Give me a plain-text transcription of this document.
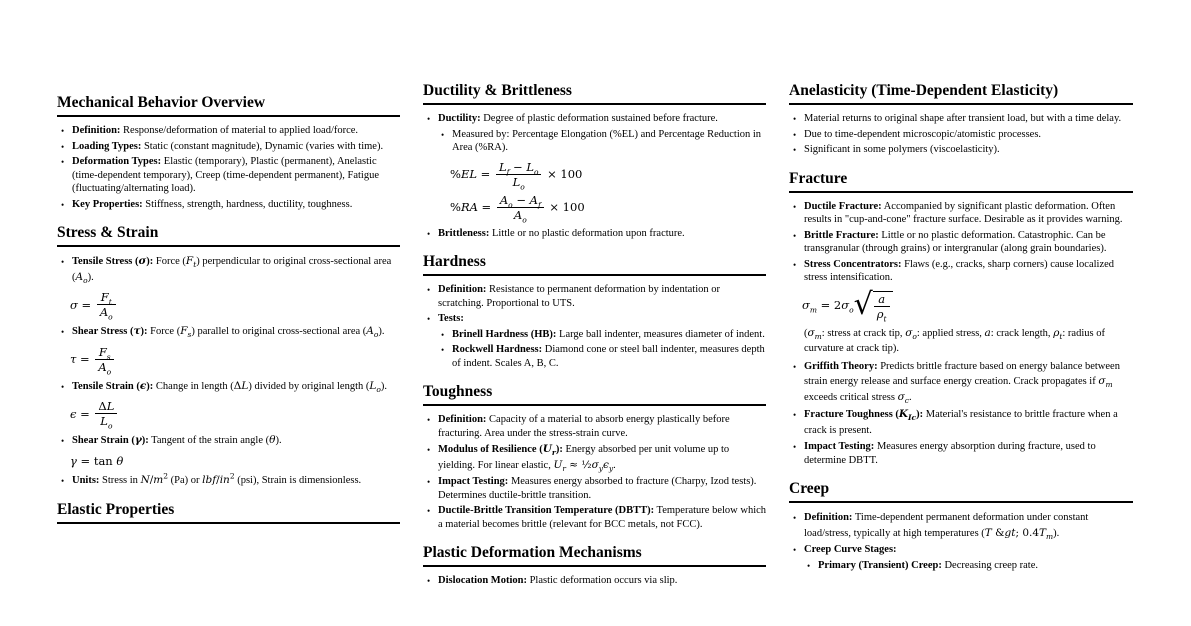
Mechanical Behavior Overview
• Definition: Response/deformation of material to applied load/force.
• Loading Types: Static (constant magnitude), Dynamic (varies with time).
• Deformation Types: Elastic (temporary), Plastic (permanent), Anelastic (time-dependent temporary), Creep (time-dependent permanent), Fatigue (fluctuating/alternating load).
• Key Properties: Stiffness, strength, hardness, ductility, toughness.
Stress & Strain
• Tensile Stress (σ): Force $(F_t)$ perpendicular to original cross-sectional area $(A_o)$.
$\sigma = \frac{F_t}{A_o}$
• Shear Stress (τ): Force $(F_s)$ parallel to original cross-sectional area $(A_o)$.
$\tau = \frac{F_s}{A_o}$
• Tensile Strain (ϵ): Change in length (ΔL) divided by original length $(L_o)$.
$\epsilon = \frac{\Delta L}{L_o}$
• Shear Strain (γ): Tangent of the strain angle (θ).
γ = tan θ
• Units: Stress in $N/m^2$ (Pa) or lbf/$in^2$ (psi), Strain is dimensionless.
Elastic Properties
Ductility & Brittleness
• Ductility: Degree of plastic deformation sustained before fracture.
• Measured by: Percentage Elongation (%EL) and Percentage Reduction in Area (%RA).
$\%EL = \frac{L_f - L_o}{L_o} \times 100$
$\%RA = \frac{A_o - A_f}{A_o} \times 100$
• Brittleness: Little or no plastic deformation upon fracture.
Hardness
• Definition: Resistance to permanent deformation by indentation or scratching. Proportional to UTS.
• Tests:
• Brinell Hardness (HB): Large ball indenter, measures diameter of indent.
• Rockwell Hardness: Diamond cone or steel ball indenter, measures depth of indent. Scales A, B, C.
Toughness
• Definition: Capacity of a material to absorb energy plastically before fracturing. Area under the stress-strain curve.
• Modulus of Resilience $(U_r)$: Energy absorbed per unit volume up to yielding. For linear elastic, $U_r$ ≈ $\frac{1}{2}\sigma_y\epsilon_y$.
• Impact Testing: Measures energy absorbed to fracture (Charpy, Izod tests). Determines ductile-brittle transition.
• Ductile-Brittle Transition Temperature (DBTT): Temperature below which a material becomes brittle (relevant for BCC metals, not FCC).
Plastic Deformation Mechanisms
• Dislocation Motion: Plastic deformation occurs via slip.
Anelasticity (Time-Dependent Elasticity)
• Material returns to original shape after transient load, but with a time delay.
• Due to time-dependent microscopic/atomistic processes.
• Significant in some polymers (viscoelasticity).
Fracture
• Ductile Fracture: Accompanied by significant plastic deformation. Often results in "cup-and-cone" fracture surface. Desirable as it provides warning.
• Brittle Fracture: Little or no plastic deformation. Catastrophic. Can be transgranular (through grains) or intergranular (along grain boundaries).
• Stress Concentrators: Flaws (e.g., cracks, sharp corners) cause localized stress intensification.
$\sigma_m = 2\sigma_o$ √ $\frac{a}{\rho_t}$
($\sigma_m$: stress at crack tip, $\sigma_o$: applied stress, a: crack length, $\rho_t$: radius of curvature at crack tip).
• Griffith Theory: Predicts brittle fracture based on energy balance between strain energy release and surface energy creation. Crack propagates if $\sigma_m$ exceeds critical stress $\sigma_c$.
• Fracture Toughness $(K_{Ic})$: Material's resistance to brittle fracture when a crack is present.
• Impact Testing: Measures energy absorption during fracture, used to determine DBTT.
Creep
• Definition: Time-dependent permanent deformation under constant load/stress, typically at high temperatures (T &gt; $0.4T_m$).
• Creep Curve Stages:
• Primary (Transient) Creep: Decreasing creep rate.
